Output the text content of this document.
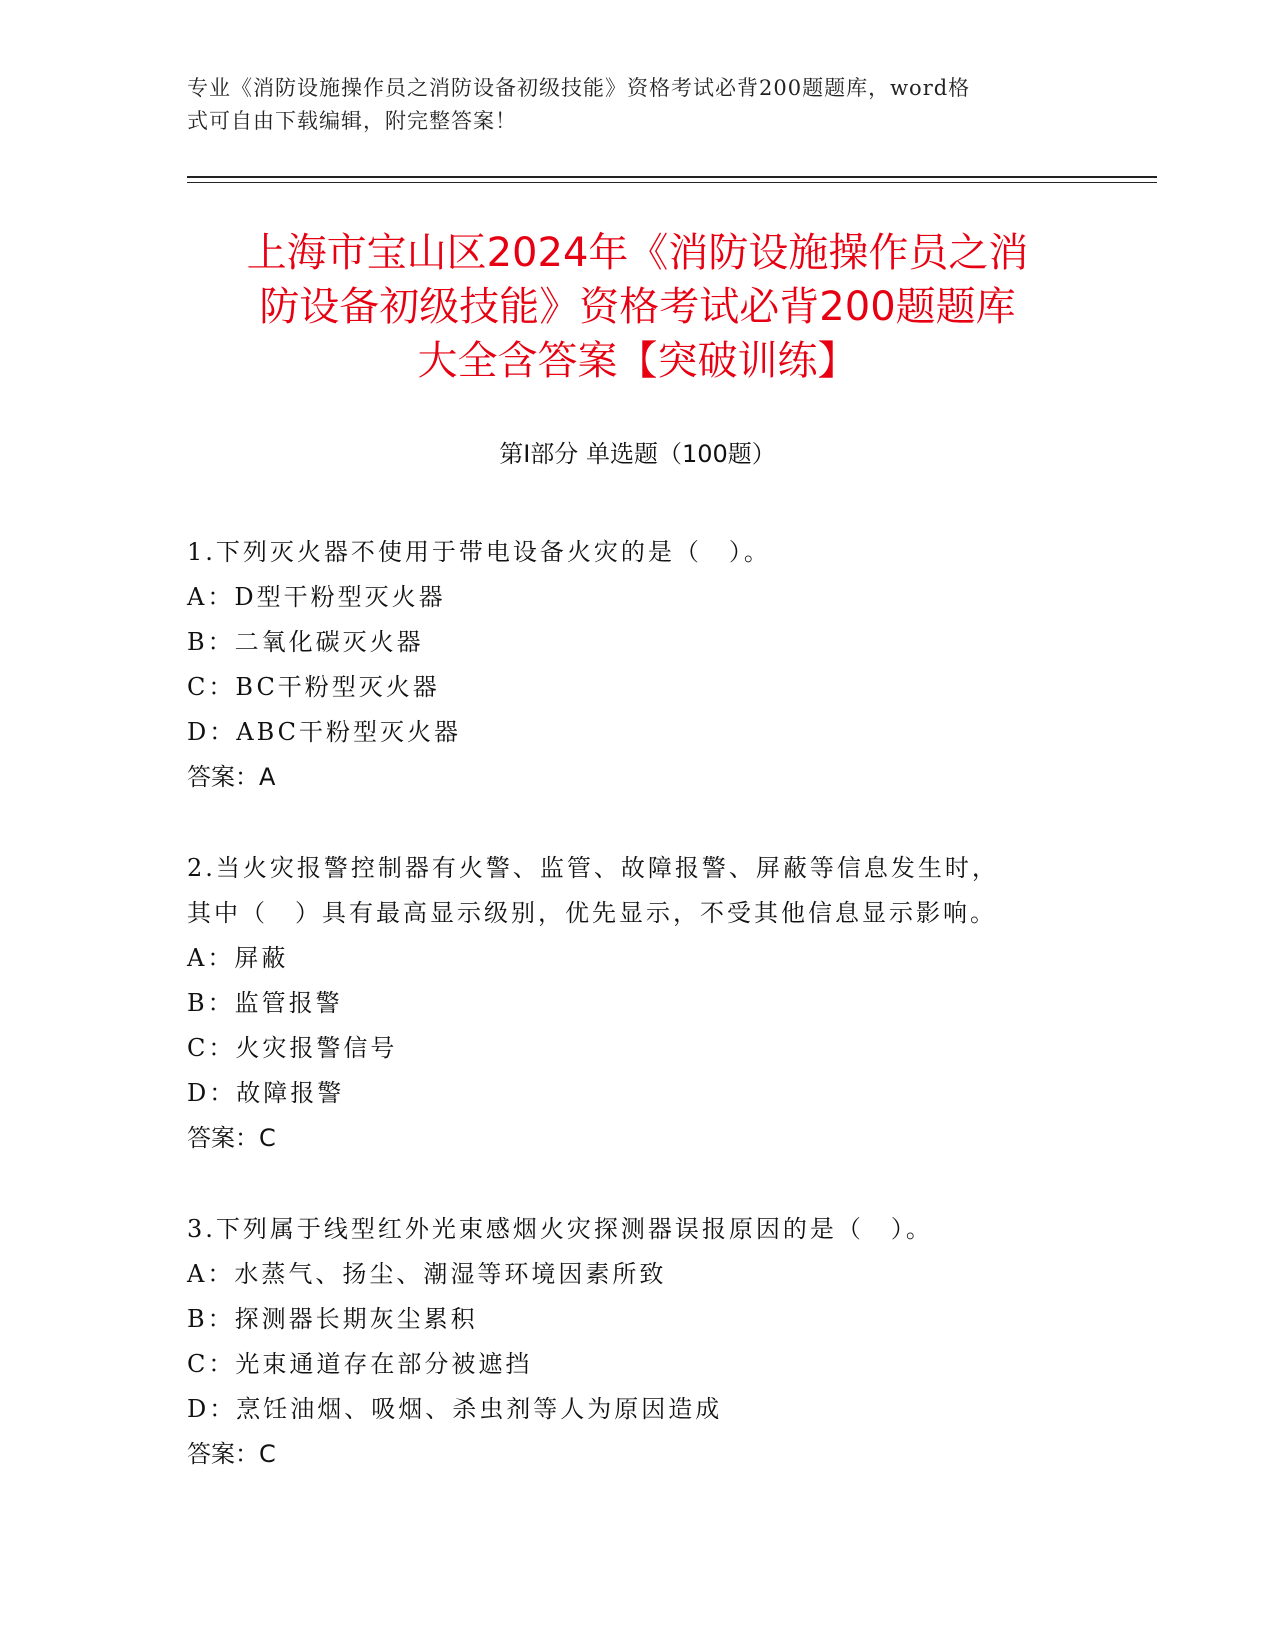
专业《消防设施操作员之消防设备初级技能》资格考试必背200题题库，word格
式可自由下载编辑，附完整答案！
上海市宝山区2024年《消防设施操作员之消
防设备初级技能》资格考试必背200题题库
大全含答案【突破训练】
第Ⅰ部分 单选题（100题）
1.下列灭火器不使用于带电设备火灾的是（　）。
A：D型干粉型灭火器
B：二氧化碳灭火器
C：BC干粉型灭火器
D：ABC干粉型灭火器
答案：A
2.当火灾报警控制器有火警、监管、故障报警、屏蔽等信息发生时，
其中（　）具有最高显示级别，优先显示，不受其他信息显示影响。
A：屏蔽
B：监管报警
C：火灾报警信号
D：故障报警
答案：C
3.下列属于线型红外光束感烟火灾探测器误报原因的是（　）。
A：水蒸气、扬尘、潮湿等环境因素所致
B：探测器长期灰尘累积
C：光束通道存在部分被遮挡
D：烹饪油烟、吸烟、杀虫剂等人为原因造成
答案：C
